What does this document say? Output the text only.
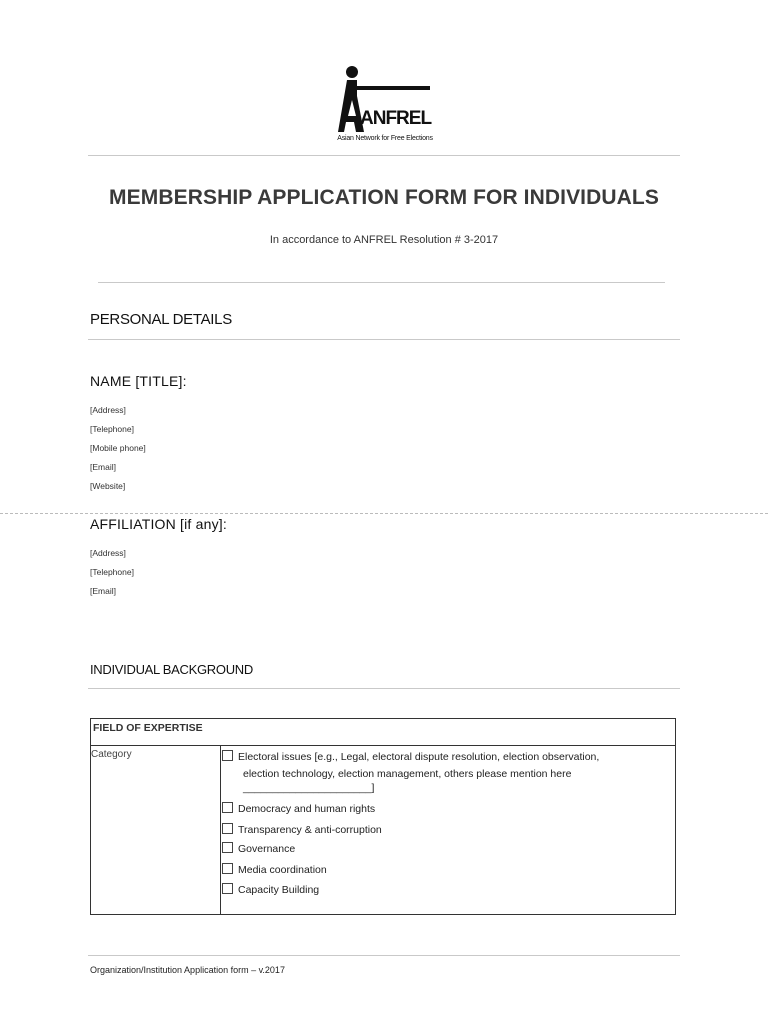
ANFREL
Asian Network for Free Elections
MEMBERSHIP APPLICATION FORM FOR INDIVIDUALS
In accordance to ANFREL Resolution # 3-2017
PERSONAL DETAILS
NAME [TITLE]:
[Address]
[Telephone]
[Mobile phone]
[Email]
[Website]
AFFILIATION [if any]:
[Address]
[Telephone]
[Email]
INDIVIDUAL BACKGROUND
FIELD OF EXPERTISE
Category	Electoral issues [e.g., Legal, electoral dispute resolution, election observation,
election technology, election management, others please mention here
______________________]
Democracy and human rights
Transparency & anti-corruption
Governance
Media coordination
Capacity Building
Organization/Institution Application form – v.2017
